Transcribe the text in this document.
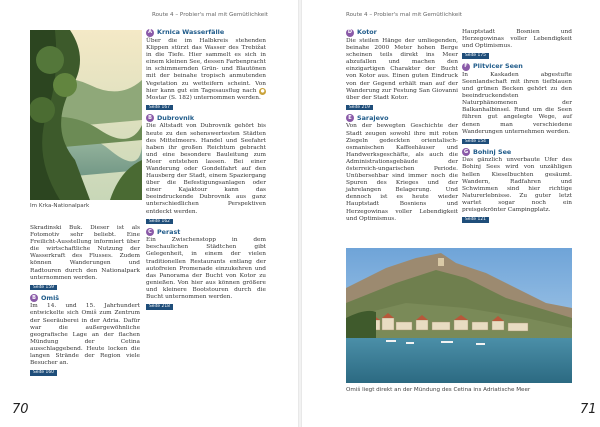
Route 4 – Probier's mal mit Gemütlichkeit
Im Krka-Nationalpark

Skradinski Buk. Dieser ist als Fotomotiv sehr beliebt. Eine Freilicht-Ausstellung informiert über die wirtschaftliche Nutzung der Wasserkraft des Flusses. Zudem können Wanderungen und Radtouren durch den Nationalpark unternommen werden.

Seite 159
B Omiš

Im 14. und 15. Jahrhundert entwickelte sich Omiš zum Zentrum der Seeräuberei in der Adria. Dafür war die außergewöhnliche geografische Lage an der flachen Mündung der Cetina ausschlaggebend. Heute locken die langen Strände der Region viele Besucher an.

Seite 160
A Krnica Wasserfälle

Über die im Halbkreis stehenden Klippen stürzt das Wasser des Trebižat in die Tiefe. Hier sammelt es sich in einem kleinen See, dessen Farbenpracht in schimmernden Grün- und Blautönen mit der beinahe tropisch anmutenden Vegetation zu wetteifern scheint. Von hier kann gut ein Tagesausflug nach ● Mostar (S. 182) unternommen werden.

Seite 167
B Dubrovnik

Die Altstadt von Dubrovnik gehört bis heute zu den sehenswertesten Städten des Mittelmeers. Handel und Seefahrt haben ihr großen Reichtum gebracht und eine besondere Bauleitung zum Meer entstehen lassen. Bei einer Wanderung oder Gondelfahrt auf den Hausberg der Stadt, einem Spaziergang über die Befestigungsanlagen oder einer Kajaktour kann das beeindruckende Dubrovnik aus ganz unterschiedlichen Perspektiven entdeckt werden.

Seite 162
C Perast

Ein Zwischenstopp in dem beschaulichen Städtchen gibt Gelegenheit, in einem der vielen traditionellen Restaurants entlang der autofreien Promenade einzukehren und das Panorama der Bucht von Kotor zu genießen. Von hier aus können größere und kleinere Bootstouren durch die Bucht unternommen werden.

Seite 218
70
Route 4 – Probier's mal mit Gemütlichkeit
D Kotor

Die steilen Hänge der umliegenden, beinahe 2000 Meter hohen Berge scheinen teils direkt ins Meer abzufallen und machen den einzigartigen Charakter der Bucht von Kotor aus. Einen guten Eindruck von der Gegend erhält man auf der Wanderung zur Festung San Giovanni über der Stadt Kotor.

Seite 219
E Sarajevo

Von der bewegten Geschichte der Stadt zeugen sowohl ihre mit roten Ziegeln gedeckten orientalisch-osmanischen Kaffeehäuser und Handwerksgeschäfte, als auch die Administrationsgebäude der österreich-ungarischen Periode. Unübersehbar sind immer noch die Spuren des Krieges und der jahrelangen Belagerung. Und dennoch ist es heute wieder Hauptstadt Bosniens und Herzegowinas voller Lebendigkeit und Optimismus.

Hauptstadt Bosnien und Herzegowinas voller Lebendigkeit und Optimismus.

Seite 175
F Plitvicer Seen

In Kaskaden abgestufte Seenlandschaft mit ihren tiefblauen und grünen Becken gehört zu den beeindruckendsten Naturphänomenen der Balkanhalbinsel. Rund um die Seen führen gut angelegte Wege, auf denen man verschiedene Wanderungen unternehmen werden.

Seite 154
G Bohinj See

Das gänzlich unverbaute Ufer des Bohinj Sees wird von unzähligen hellen Kieselbuchten gesäumt. Wandern, Radfahren und Schwimmen sind hier richtige Naturerlebnisse. Zu guter letzt wartet sogar noch ein preisgekrönter Campingplatz.

Seite 121
Omiš liegt direkt an der Mündung des Cetina ins Adriatische Meer
71
